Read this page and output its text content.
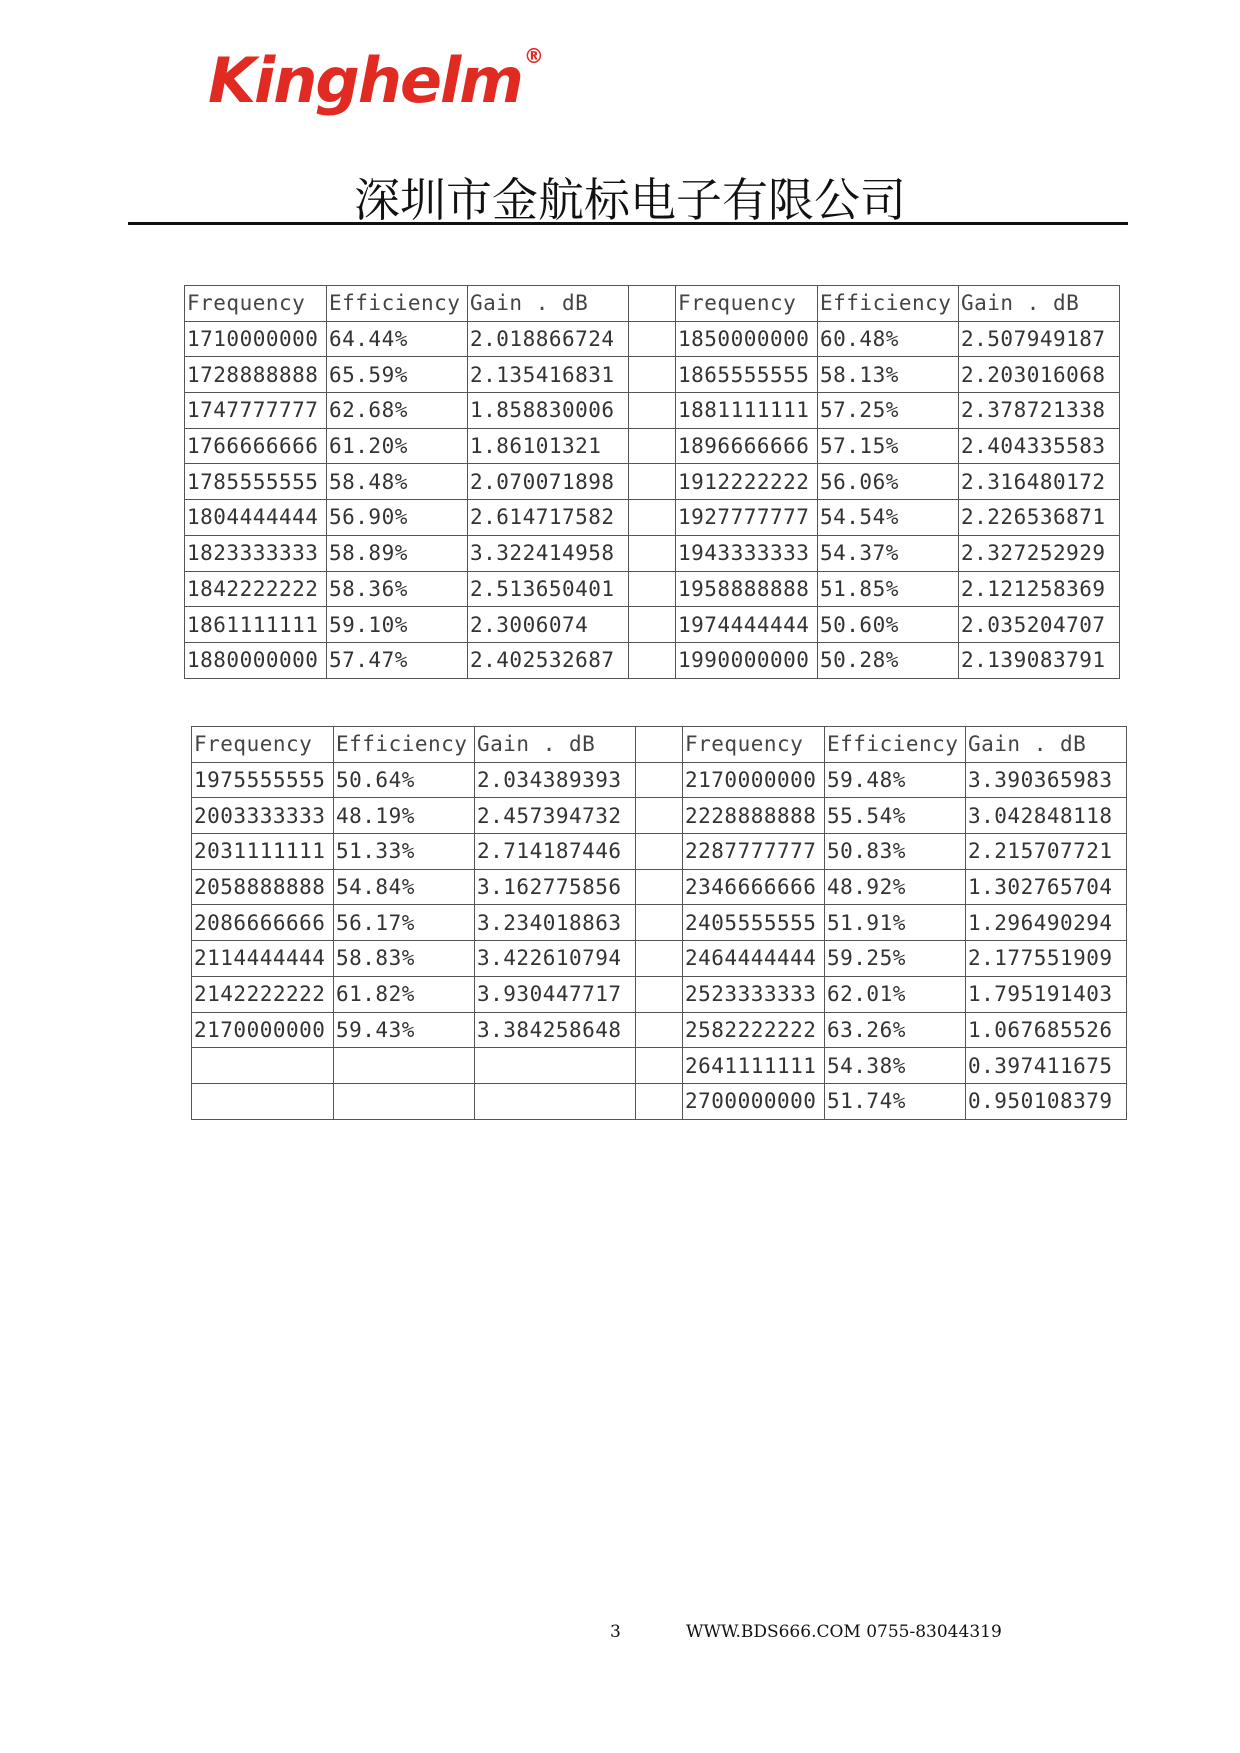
Kinghelm ®
深圳市金航标电子有限公司
Frequency	Efficiency	Gain . dB		Frequency	Efficiency	Gain . dB
1710000000	64.44%	2.018866724		1850000000	60.48%	2.507949187
1728888888	65.59%	2.135416831		1865555555	58.13%	2.203016068
1747777777	62.68%	1.858830006		1881111111	57.25%	2.378721338
1766666666	61.20%	1.86101321		1896666666	57.15%	2.404335583
1785555555	58.48%	2.070071898		1912222222	56.06%	2.316480172
1804444444	56.90%	2.614717582		1927777777	54.54%	2.226536871
1823333333	58.89%	3.322414958		1943333333	54.37%	2.327252929
1842222222	58.36%	2.513650401		1958888888	51.85%	2.121258369
1861111111	59.10%	2.3006074		1974444444	50.60%	2.035204707
1880000000	57.47%	2.402532687		1990000000	50.28%	2.139083791
Frequency	Efficiency	Gain . dB		Frequency	Efficiency	Gain . dB
1975555555	50.64%	2.034389393		2170000000	59.48%	3.390365983
2003333333	48.19%	2.457394732		2228888888	55.54%	3.042848118
2031111111	51.33%	2.714187446		2287777777	50.83%	2.215707721
2058888888	54.84%	3.162775856		2346666666	48.92%	1.302765704
2086666666	56.17%	3.234018863		2405555555	51.91%	1.296490294
2114444444	58.83%	3.422610794		2464444444	59.25%	2.177551909
2142222222	61.82%	3.930447717		2523333333	62.01%	1.795191403
2170000000	59.43%	3.384258648		2582222222	63.26%	1.067685526
				2641111111	54.38%	0.397411675
				2700000000	51.74%	0.950108379
3	WWW.BDS666.COM 0755-83044319
